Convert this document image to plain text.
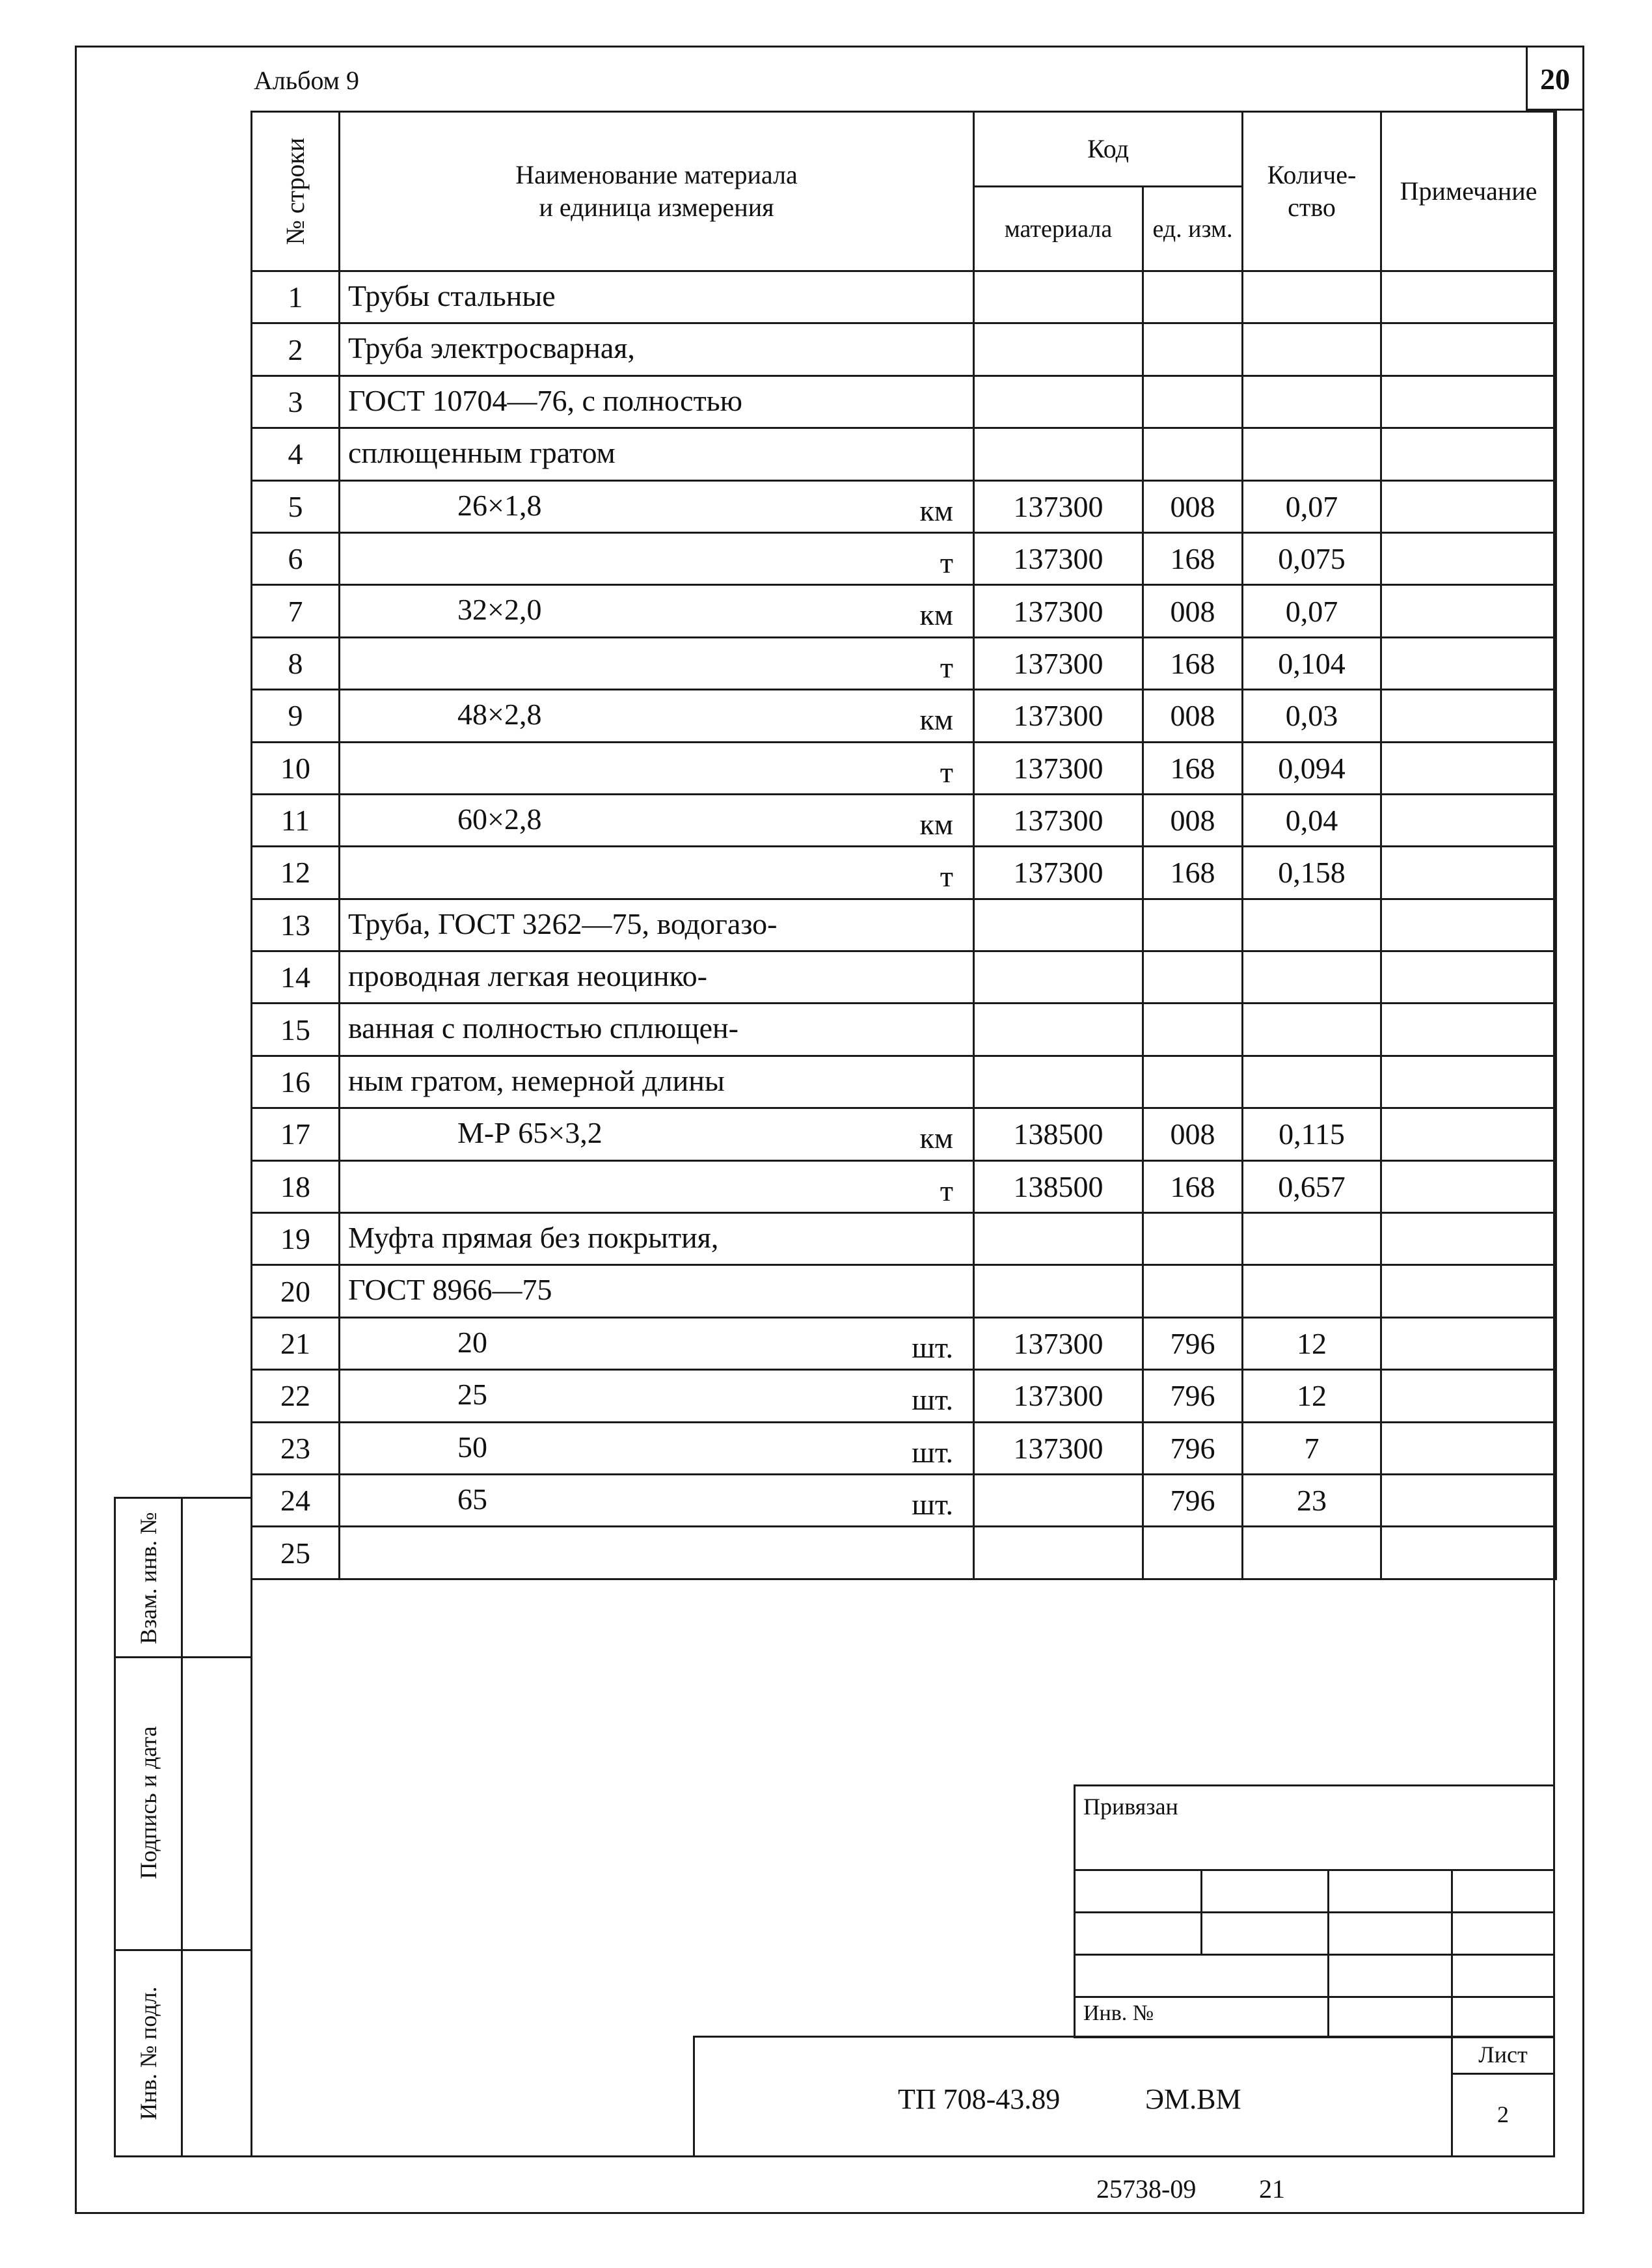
Альбом 9	20
№ строки	Наименование материала
и единица измерения	Код		Количе-
ство	Примечание
		материала	ед. изм.		
1	Трубы стальные				

2	Труба электросварная,				

3	ГОСТ 10704—76, с полностью				

4	сплющенным гратом				

5	26×1,8 км	137300	008	0,07	
6	т	137300	168	0,075	
7	32×2,0 км	137300	008	0,07	
8	т	137300	168	0,104	
9	48×2,8 км	137300	008	0,03	
10	т	137300	168	0,094	
11	60×2,8 км	137300	008	0,04	
12	т	137300	168	0,158	
13	Труба, ГОСТ 3262—75, водогазо-				

14	проводная легкая неоцинко-				

15	ванная с полностью сплющен-				

16	ным гратом, немерной длины				

17	М-Р 65×3,2 км	138500	008	0,115	
18	т	138500	168	0,657	
19	Муфта прямая без покрытия,				

20	ГОСТ 8966—75				

21	20 шт.	137300	796	12	
22	25 шт.	137300	796	12	
23	50 шт.	137300	796	7	
24	65 шт.		796	23	
25	

Взам. инв. №
Подпись и дата
Инв. № подл.
Привязан
Инв. №
Лист
2
ТП 708-43.89	ЭМ.ВМ
25738-09 21
